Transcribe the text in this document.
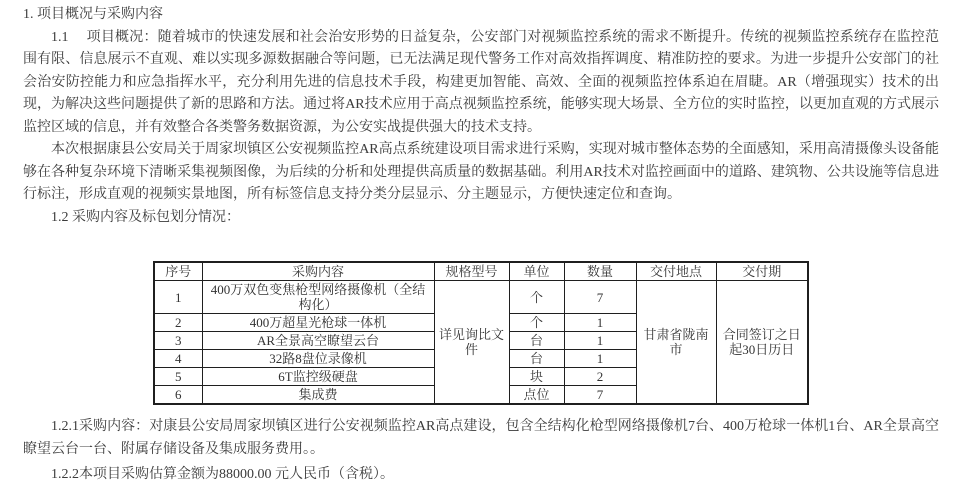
1. 项目概况与采购内容

1.1　 项目概况：随着城市的快速发展和社会治安形势的日益复杂，公安部门对视频监控系统的需求不断提升。传统的视频监控系统存在监控范围有限、信息展示不直观、难以实现多源数据融合等问题，已无法满足现代警务工作对高效指挥调度、精准防控的要求。为进一步提升公安部门的社会治安防控能力和应急指挥水平，充分利用先进的信息技术手段，构建更加智能、高效、全面的视频监控体系迫在眉睫。AR（增强现实）技术的出现，为解决这些问题提供了新的思路和方法。通过将AR技术应用于高点视频监控系统，能够实现大场景、全方位的实时监控，以更加直观的方式展示监控区域的信息，并有效整合各类警务数据资源，为公安实战提供强大的技术支持。

本次根据康县公安局关于周家坝镇区公安视频监控AR高点系统建设项目需求进行采购，实现对城市整体态势的全面感知，采用高清摄像头设备能够在各种复杂环境下清晰采集视频图像，为后续的分析和处理提供高质量的数据基础。利用AR技术对监控画面中的道路、建筑物、公共设施等信息进行标注，形成直观的视频实景地图，所有标签信息支持分类分层显示、分主题显示，方便快速定位和查询。

1.2 采购内容及标包划分情况：

序号	采购内容	规格型号	单位	数量	交付地点	交付期
1	400万双色变焦枪型网络摄像机（全结构化）	详见询比文件	个	7	甘肃省陇南市	合同签订之日起30日历日
2	400万超星光枪球一体机		个	1		
3	AR全景高空瞭望云台		台	1		
4	32路8盘位录像机		台	1		
5	6T监控级硬盘		块	2		
6	集成费		点位	7		

1.2.1采购内容：对康县公安局周家坝镇区进行公安视频监控AR高点建设，包含全结构化枪型网络摄像机7台、400万枪球一体机1台、AR全景高空瞭望云台一台、附属存储设备及集成服务费用。。

1.2.2本项目采购估算金额为88000.00 元人民币（含税）。
